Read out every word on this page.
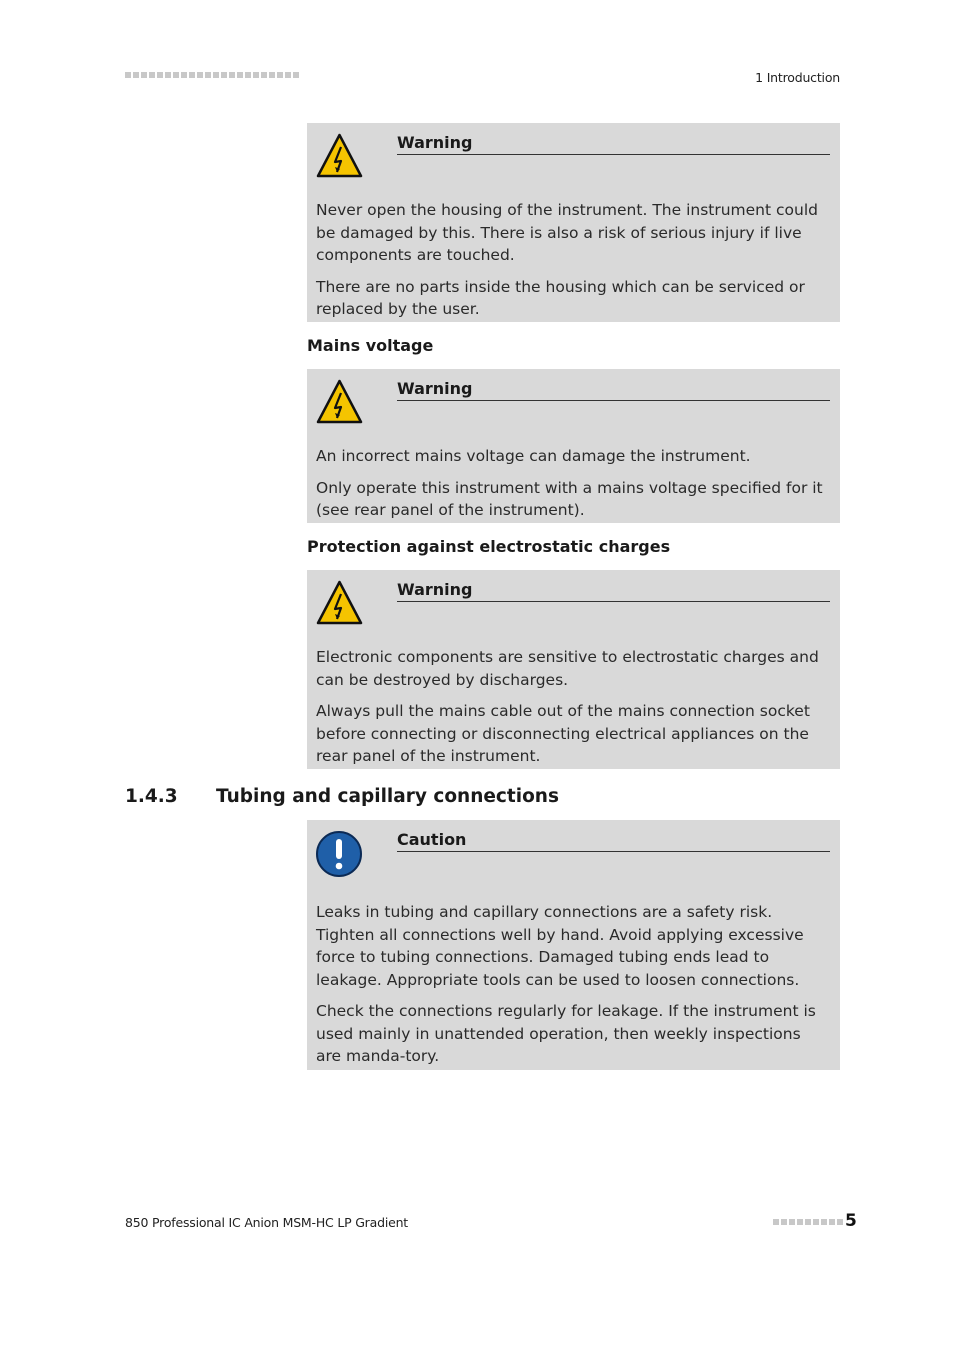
1 Introduction
Warning

Never open the housing of the instrument. The instrument could be damaged by this. There is also a risk of serious injury if live components are touched.

There are no parts inside the housing which can be serviced or replaced by the user.

Mains voltage
Warning

An incorrect mains voltage can damage the instrument.

Only operate this instrument with a mains voltage specified for it (see rear panel of the instrument).

Protection against electrostatic charges
Warning

Electronic components are sensitive to electrostatic charges and can be destroyed by discharges.

Always pull the mains cable out of the mains connection socket before connecting or disconnecting electrical appliances on the rear panel of the instrument.

1.4.3 Tubing and capillary connections
Caution

Leaks in tubing and capillary connections are a safety risk. Tighten all connections well by hand. Avoid applying excessive force to tubing connections. Damaged tubing ends lead to leakage. Appropriate tools can be used to loosen connections.

Check the connections regularly for leakage. If the instrument is used mainly in unattended operation, then weekly inspections are manda-tory.

850 Professional IC Anion MSM-HC LP Gradient	5
